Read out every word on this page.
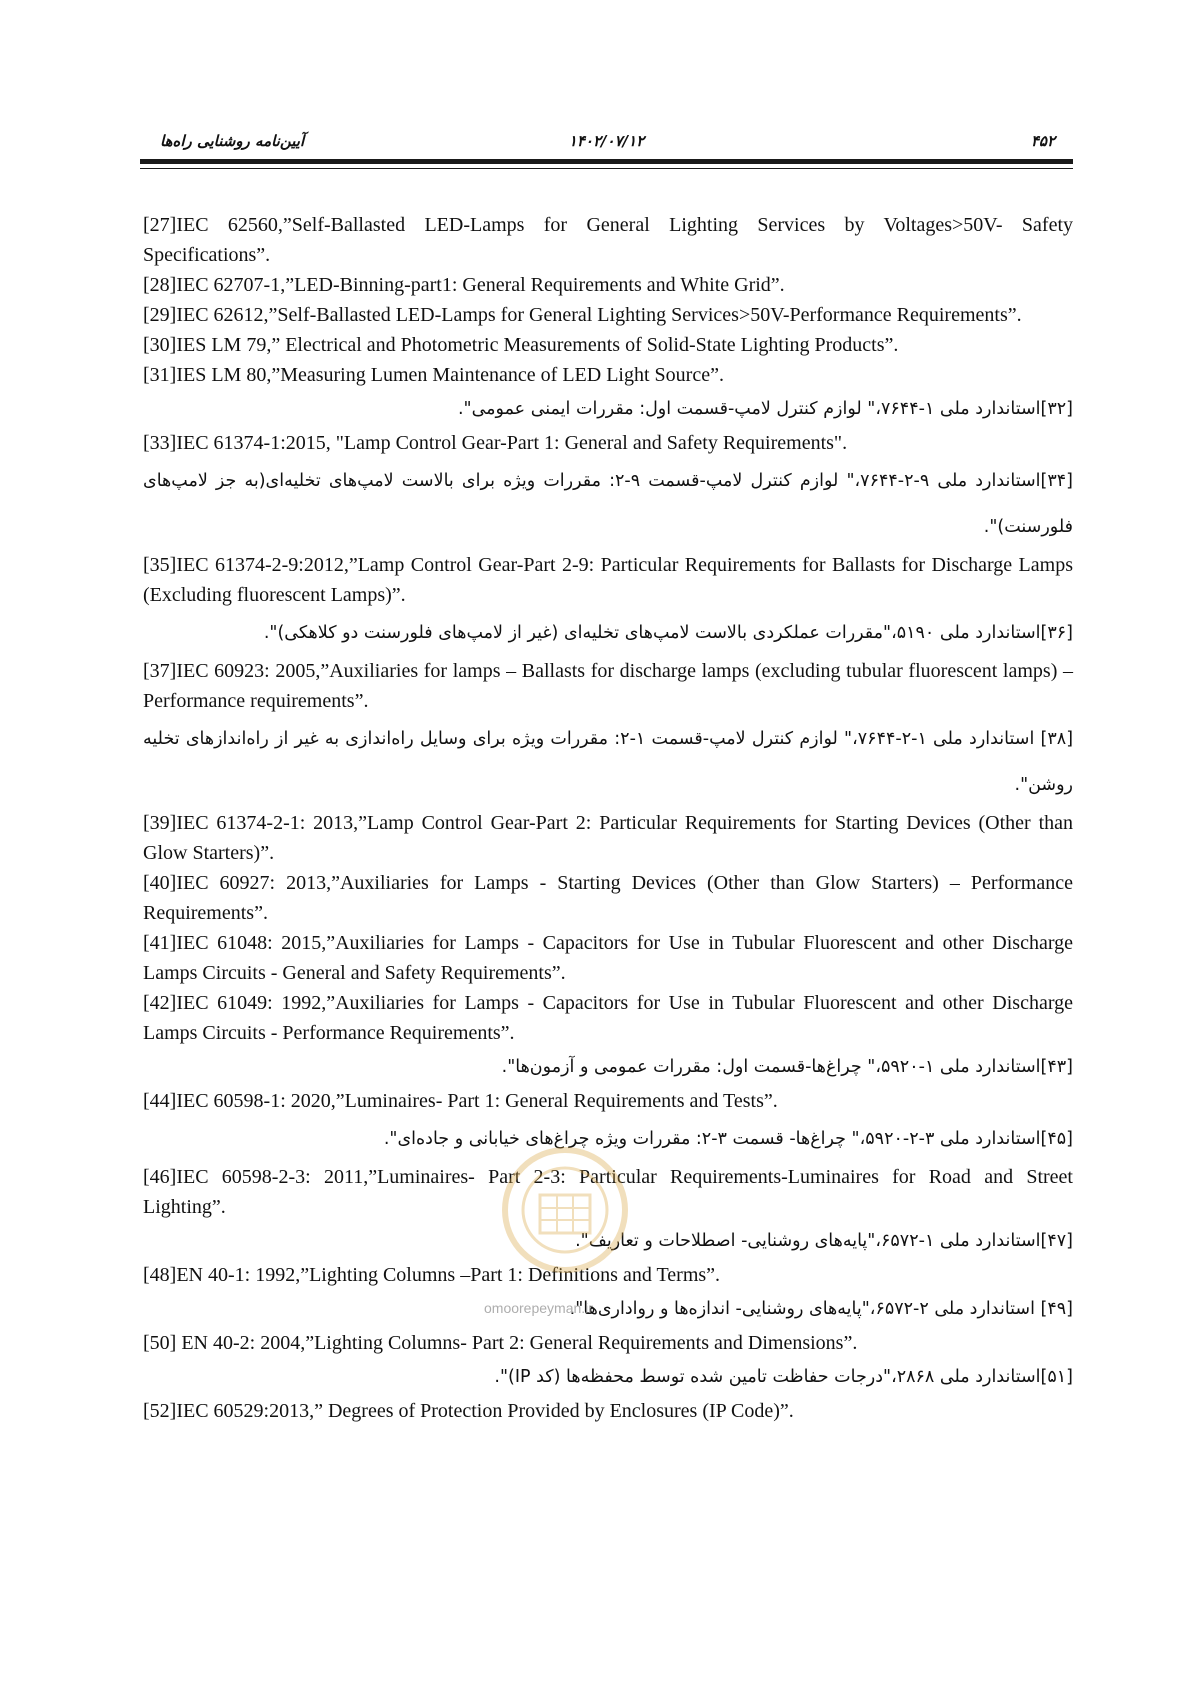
آیین‌نامه روشنایی راه‌ها	۱۴۰۲/۰۷/۱۲	۴۵۲

[27]IEC 62560,”Self-Ballasted LED-Lamps for General Lighting Services by Voltages>50V- Safety Specifications”.

[28]IEC 62707-1,”LED-Binning-part1: General Requirements and White Grid”.

[29]IEC 62612,”Self-Ballasted LED-Lamps for General Lighting Services>50V-Performance Requirements”.

[30]IES LM 79,” Electrical and Photometric Measurements of Solid-State Lighting Products”.

[31]IES LM 80,”Measuring Lumen Maintenance of LED Light Source”.

[۳۲]استاندارد ملی ۱-۷۶۴۴،" لوازم کنترل لامپ-قسمت اول: مقررات ایمنی عمومی".

[33]IEC 61374-1:2015, "Lamp Control Gear-Part 1: General and Safety Requirements".

[۳۴]استاندارد ملی ۹-۲-۷۶۴۴،" لوازم کنترل لامپ-قسمت ۹-۲: مقررات ویژه برای بالاست لامپ‌های تخلیه‌ای(به جز لامپ‌های فلورسنت)".

[35]IEC 61374-2-9:2012,”Lamp Control Gear-Part 2-9: Particular Requirements for Ballasts for Discharge Lamps (Excluding fluorescent Lamps)”.

[۳۶]استاندارد ملی ۵۱۹۰،"مقررات عملکردی بالاست لامپ‌های تخلیه‌ای (غیر از لامپ‌های فلورسنت دو کلاهکی)".

[37]IEC 60923: 2005,”Auxiliaries for lamps – Ballasts for discharge lamps (excluding tubular fluorescent lamps) – Performance requirements”.

[۳۸] استاندارد ملی ۱-۲-۷۶۴۴،" لوازم کنترل لامپ-قسمت ۱-۲: مقررات ویژه برای وسایل راه‌اندازی به غیر از راه‌اندازهای تخلیه روشن".

[39]IEC 61374-2-1: 2013,”Lamp Control Gear-Part 2: Particular Requirements for Starting Devices (Other than Glow Starters)”.

[40]IEC 60927: 2013,”Auxiliaries for Lamps - Starting Devices (Other than Glow Starters) – Performance Requirements”.

[41]IEC 61048: 2015,”Auxiliaries for Lamps - Capacitors for Use in Tubular Fluorescent and other Discharge Lamps Circuits - General and Safety Requirements”.

[42]IEC 61049: 1992,”Auxiliaries for Lamps - Capacitors for Use in Tubular Fluorescent and other Discharge Lamps Circuits - Performance Requirements”.

[۴۳]استاندارد ملی ۱-۵۹۲۰،" چراغ‌ها-قسمت اول: مقررات عمومی و آزمون‌ها".

[44]IEC 60598-1: 2020,”Luminaires- Part 1: General Requirements and Tests”.

[۴۵]استاندارد ملی ۳-۲-۵۹۲۰،" چراغ‌ها- قسمت ۳-۲: مقررات ویژه چراغ‌های خیابانی و جاده‌ای".

[46]IEC 60598-2-3: 2011,”Luminaires- Part 2-3: Particular Requirements-Luminaires for Road and Street Lighting”.

[۴۷]استاندارد ملی ۱-۶۵۷۲،"پایه‌های روشنایی- اصطلاحات و تعاریف".

[48]EN 40-1: 1992,”Lighting Columns –Part 1: Definitions and Terms”.

[۴۹] استاندارد ملی ۲-۶۵۷۲،"پایه‌های روشنایی- اندازه‌ها و رواداری‌ها".

[50] EN 40-2: 2004,”Lighting Columns- Part 2: General Requirements and Dimensions”.

[۵۱]استاندارد ملی ۲۸۶۸،"درجات حفاظت تامین شده توسط محفظه‌ها (کد IP)".

[52]IEC 60529:2013,” Degrees of Protection Provided by Enclosures (IP Code)”.

omoorepeyman.ir
